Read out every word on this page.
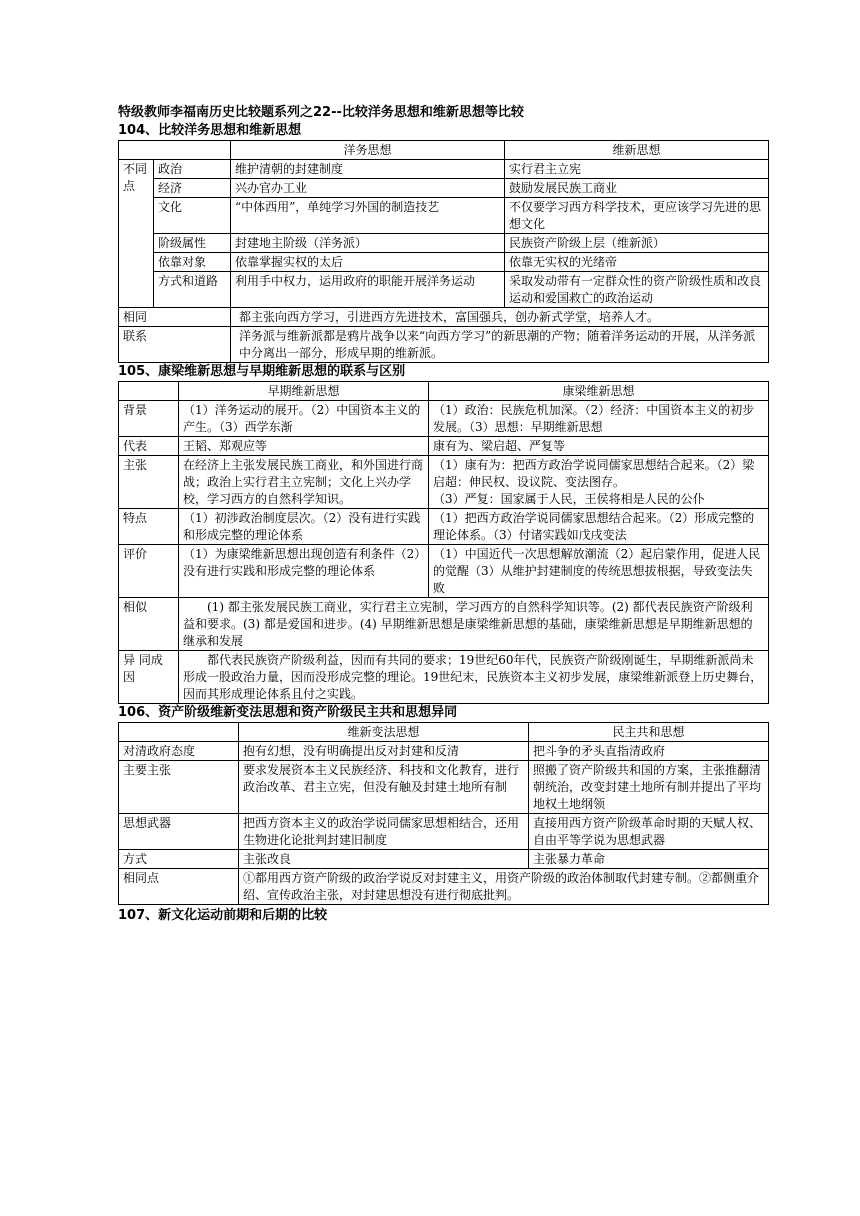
特级教师李福南历史比较题系列之22--比较洋务思想和维新思想等比较

104、比较洋务思想和维新思想

		洋务思想	维新思想
不同点	政治	维护清朝的封建制度	实行君主立宪
	经济	兴办官办工业	鼓励发展民族工商业
	文化	“中体西用”，单纯学习外国的制造技艺	不仅要学习西方科学技术，更应该学习先进的思想文化
	阶级属性	封建地主阶级（洋务派）	民族资产阶级上层（维新派）
	依靠对象	依靠掌握实权的太后	依靠无实权的光绪帝
	方式和道路	利用手中权力，运用政府的职能开展洋务运动	采取发动带有一定群众性的资产阶级性质和改良运动和爱国救亡的政治运动
相同		都主张向西方学习，引进西方先进技术，富国强兵，创办新式学堂，培养人才。	
联系		洋务派与维新派都是鸦片战争以来“向西方学习”的新思潮的产物；随着洋务运动的开展，从洋务派中分离出一部分，形成早期的维新派。	

105、康梁维新思想与早期维新思想的联系与区别

	早期维新思想	康梁维新思想
背景	（1）洋务运动的展开。（2）中国资本主义的产生。（3）西学东渐	（1）政治：民族危机加深。（2）经济：中国资本主义的初步发展。（3）思想：早期维新思想
代表	王韬、郑观应等	康有为、梁启超、严复等
主张	在经济上主张发展民族工商业，和外国进行商战；政治上实行君主立宪制；文化上兴办学校，学习西方的自然科学知识。	（1）康有为：把西方政治学说同儒家思想结合起来。（2）梁启超：伸民权、设议院、变法图存。

（3）严复：国家属于人民，王侯将相是人民的公仆

特点	（1）初涉政治制度层次。（2）没有进行实践和形成完整的理论体系	（1）把西方政治学说同儒家思想结合起来。（2）形成完整的理论体系。（3）付诸实践如戊戌变法
评价	（1）为康梁维新思想出现创造有利条件（2）没有进行实践和形成完整的理论体系	（1）中国近代一次思想解放潮流（2）起启蒙作用，促进人民的觉醒（3）从维护封建制度的传统思想拔根据，导致变法失败
相似	(1) 都主张发展民族工商业，实行君主立宪制，学习西方的自然科学知识等。(2) 都代表民族资产阶级利益和要求。(3) 都是爱国和进步。(4) 早期维新思想是康梁维新思想的基础，康梁维新思想是早期维新思想的继承和发展	
异 同成因	都代表民族资产阶级利益，因而有共同的要求；19世纪60年代，民族资产阶级刚诞生，早期维新派尚未形成一股政治力量，因而没形成完整的理论。19世纪末，民族资本主义初步发展，康梁维新派登上历史舞台，因而其形成理论体系且付之实践。	

106、资产阶级维新变法思想和资产阶级民主共和思想异同

	维新变法思想	民主共和思想
对清政府态度	抱有幻想，没有明确提出反对封建和反清	把斗争的矛头直指清政府
主要主张	要求发展资本主义民族经济、科技和文化教育，进行政治改革、君主立宪，但没有触及封建土地所有制	照搬了资产阶级共和国的方案，主张推翻清朝统治，改变封建土地所有制并提出了平均地权土地纲领
思想武器	把西方资本主义的政治学说同儒家思想相结合，还用生物进化论批判封建旧制度	直接用西方资产阶级革命时期的天赋人权、自由平等学说为思想武器
方式	主张改良	主张暴力革命
相同点	①都用西方资产阶级的政治学说反对封建主义，用资产阶级的政治体制取代封建专制。②都侧重介绍、宣传政治主张，对封建思想没有进行彻底批判。	

107、新文化运动前期和后期的比较
